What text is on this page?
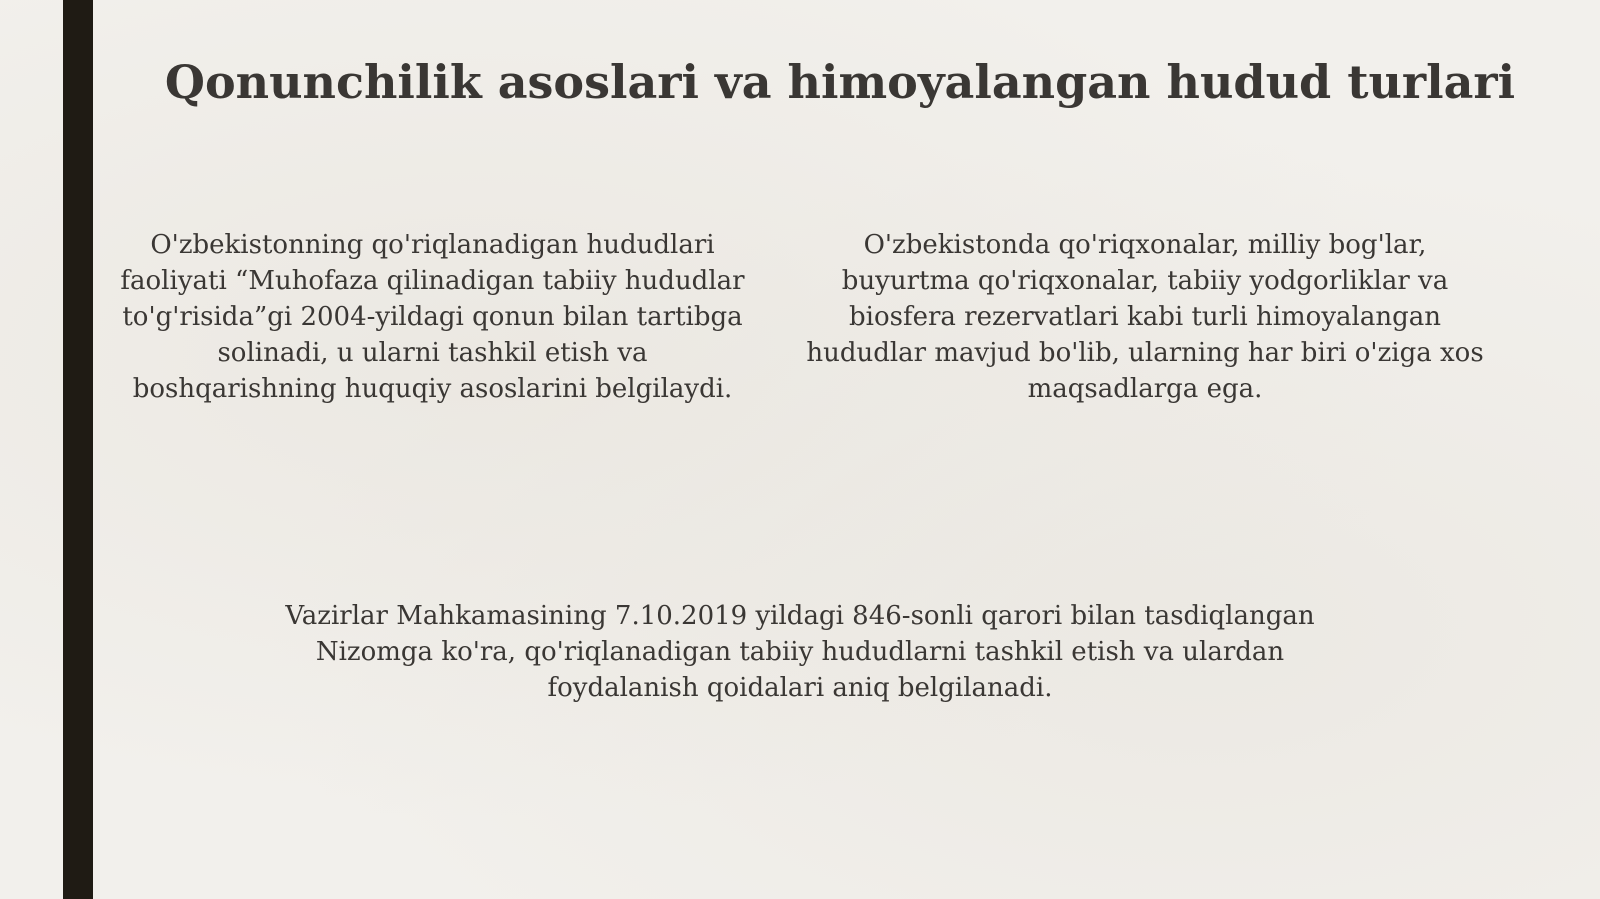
Qonunchilik asoslari va himoyalangan hudud turlari

O'zbekistonning qo'riqlanadigan hududlari faoliyati “Muhofaza qilinadigan tabiiy hududlar to'g'risida”gi 2004-yildagi qonun bilan tartibga solinadi, u ularni tashkil etish va boshqarishning huquqiy asoslarini belgilaydi.

O'zbekistonda qo'riqxonalar, milliy bog'lar, buyurtma qo'riqxonalar, tabiiy yodgorliklar va biosfera rezervatlari kabi turli himoyalangan hududlar mavjud bo'lib, ularning har biri o'ziga xos maqsadlarga ega.

Vazirlar Mahkamasining 7.10.2019 yildagi 846-sonli qarori bilan tasdiqlangan Nizomga ko'ra, qo'riqlanadigan tabiiy hududlarni tashkil etish va ulardan foydalanish qoidalari aniq belgilanadi.
